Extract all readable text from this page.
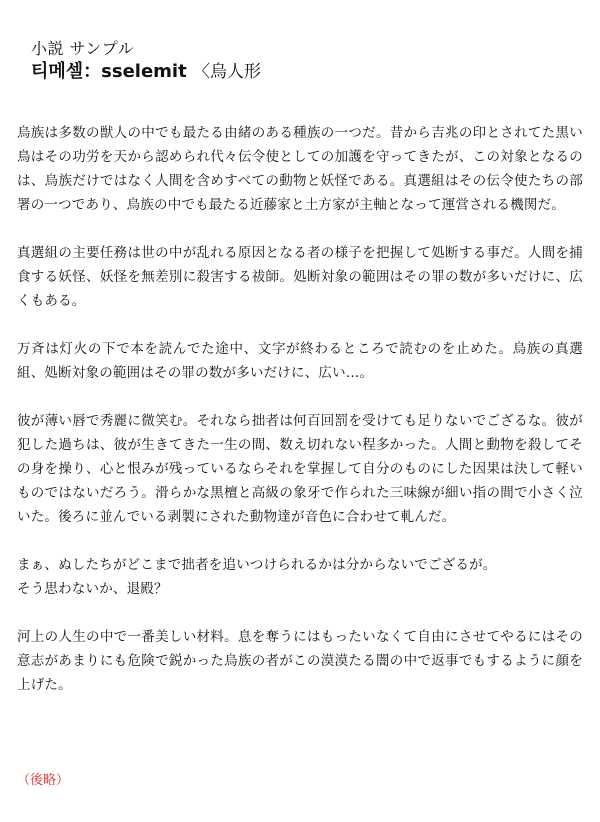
小説 サンプル

티메셀：sselemit 〈烏人形

烏族は多数の獣人の中でも最たる由緒のある種族の一つだ。昔から吉兆の印とされてた黒い鳥はその功労を天から認められ代々伝令使としての加護を守ってきたが、この対象となるのは、烏族だけではなく人間を含めすべての動物と妖怪である。真選組はその伝令使たちの部署の一つであり、烏族の中でも最たる近藤家と土方家が主軸となって運営される機関だ。

真選組の主要任務は世の中が乱れる原因となる者の様子を把握して処断する事だ。人間を捕食する妖怪、妖怪を無差別に殺害する祓師。処断対象の範囲はその罪の数が多いだけに、広くもある。

万斉は灯火の下で本を読んでた途中、文字が終わるところで読むのを止めた。烏族の真選組、処断対象の範囲はその罪の数が多いだけに、広い…。

彼が薄い唇で秀麗に微笑む。それなら拙者は何百回罰を受けても足りないでござるな。彼が犯した過ちは、彼が生きてきた一生の間、数え切れない程多かった。人間と動物を殺してその身を操り、心と恨みが残っているならそれを掌握して自分のものにした因果は決して軽いものではないだろう。滑らかな黒檀と高級の象牙で作られた三味線が細い指の間で小さく泣いた。後ろに並んでいる剥製にされた動物達が音色に合わせて軋んだ。

まぁ、ぬしたちがどこまで拙者を追いつけられるかは分からないでござるが。
そう思わないか、退殿？

河上の人生の中で一番美しい材料。息を奪うにはもったいなくて自由にさせてやるにはその意志があまりにも危険で鋭かった烏族の者がこの漠漠たる闇の中で返事でもするように顔を上げた。

（後略）
